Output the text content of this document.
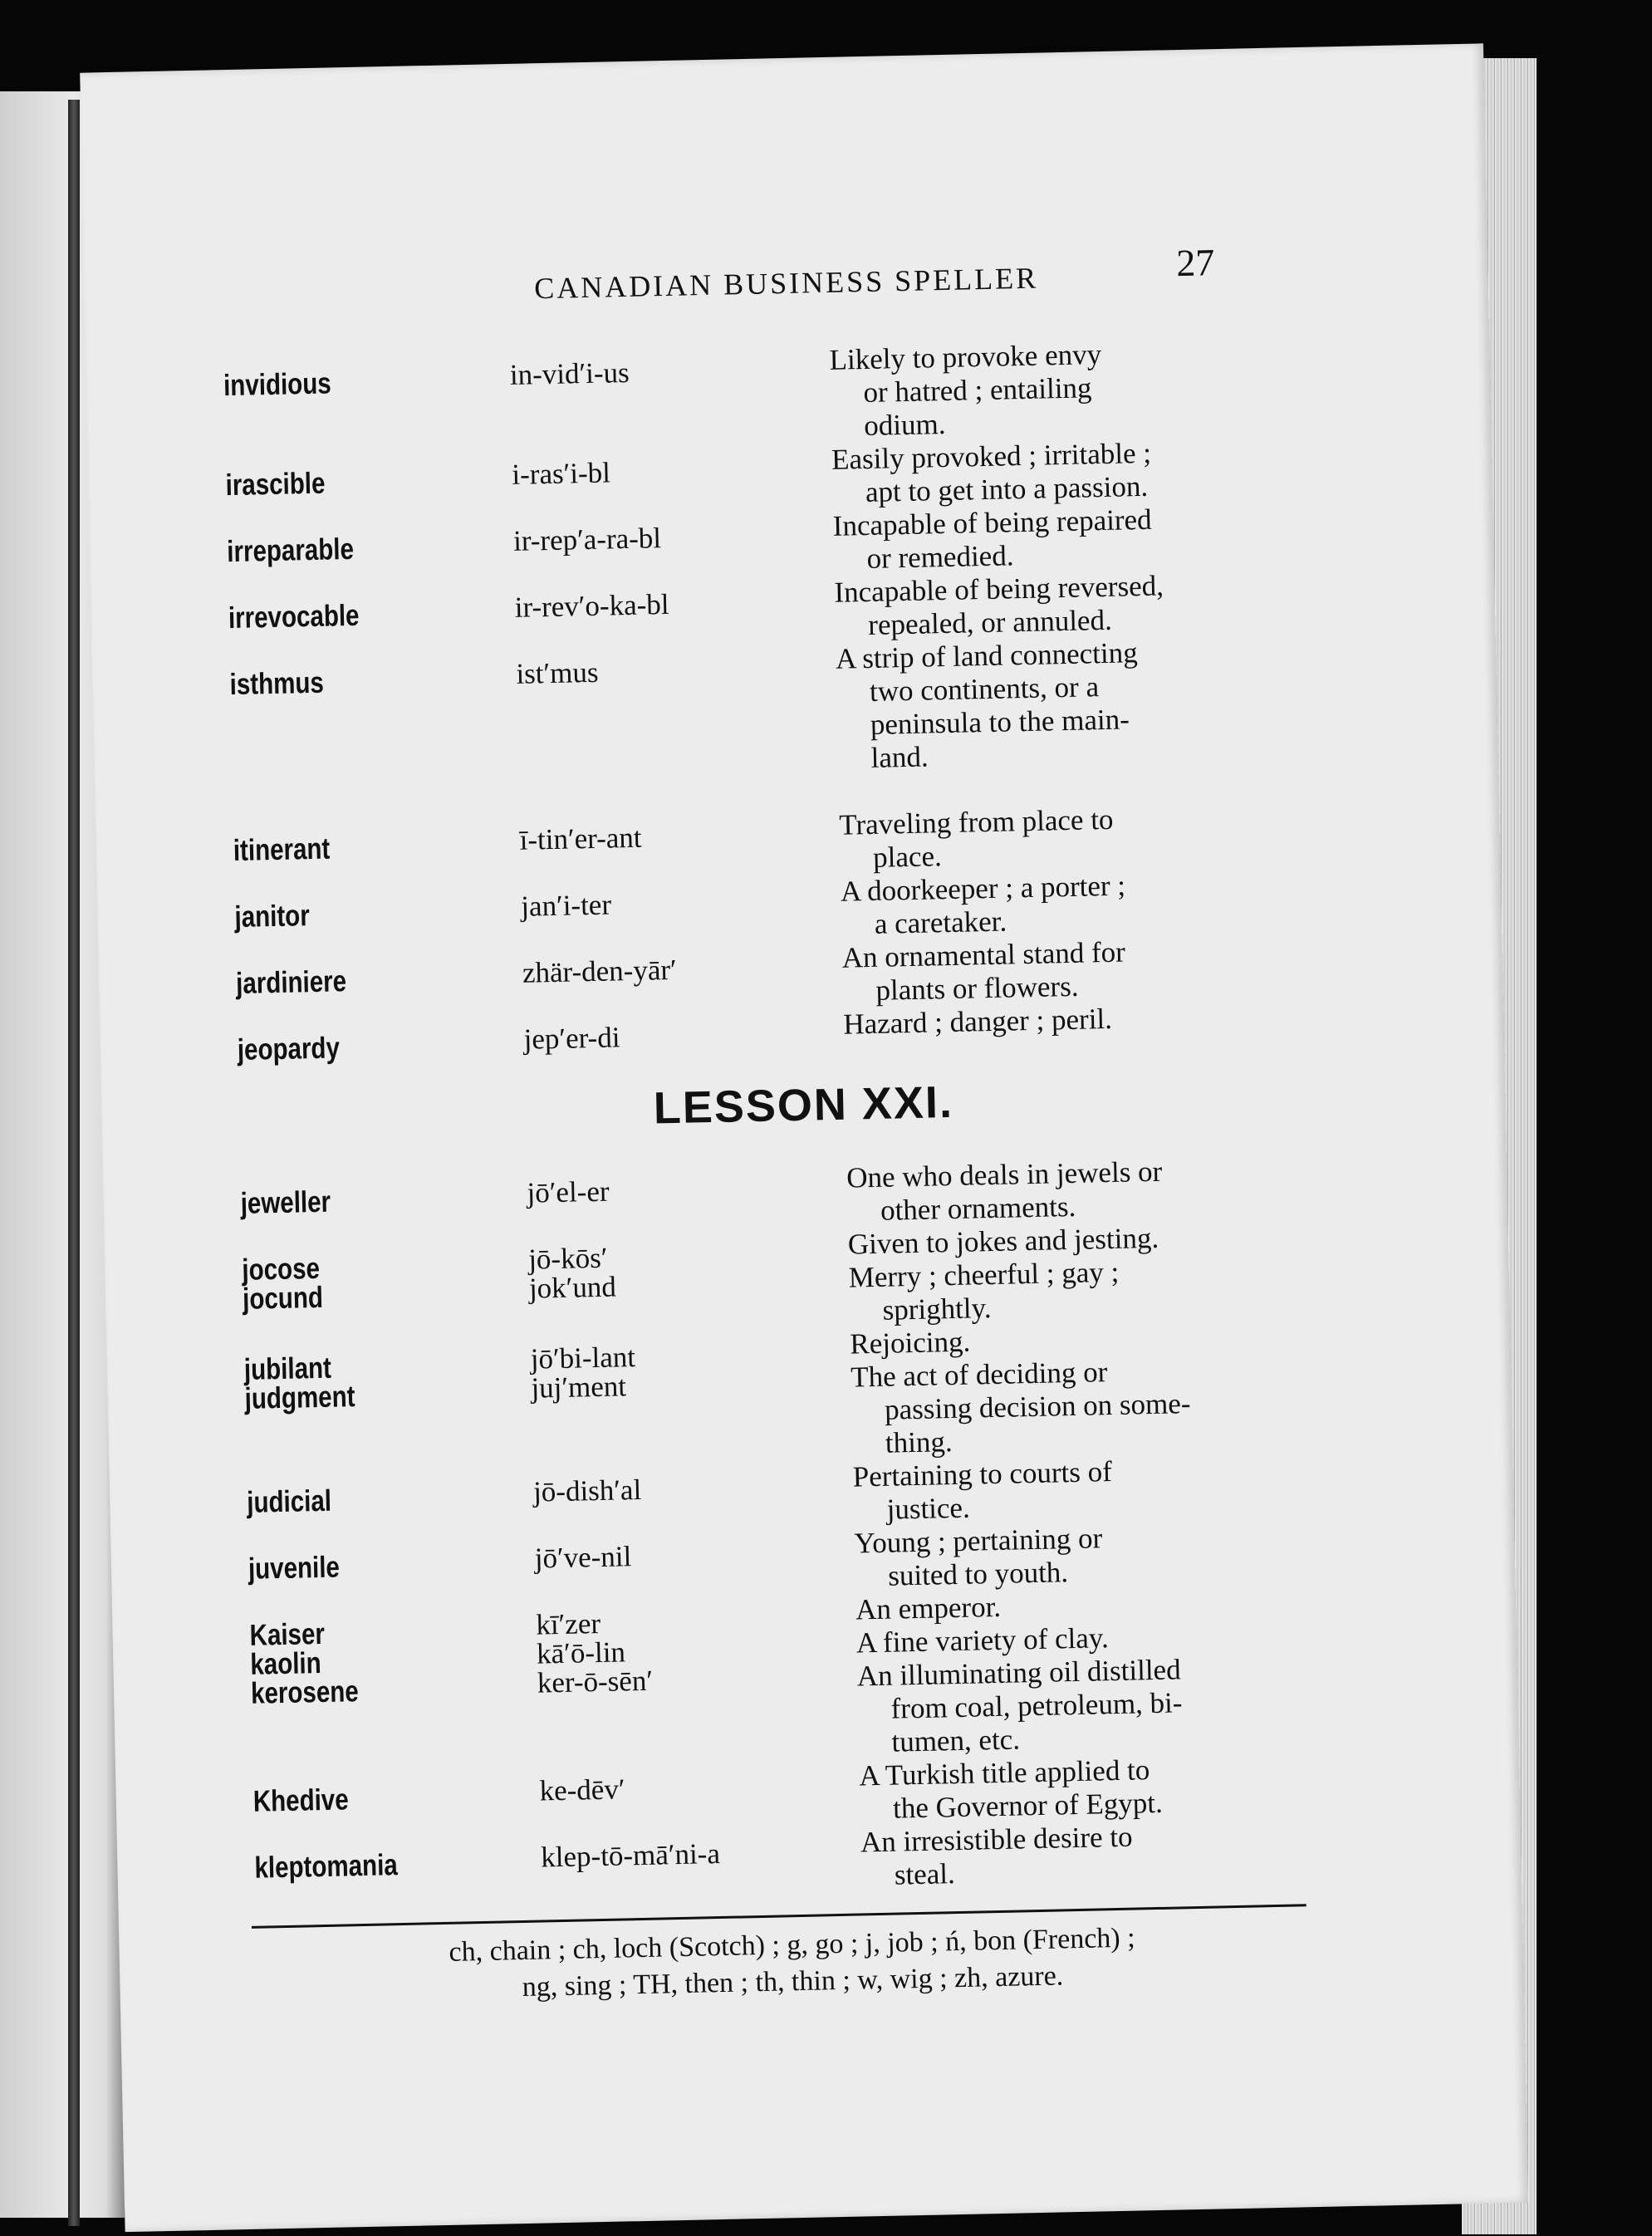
CANADIAN BUSINESS SPELLER	27
invidious	in-vid′i-us	Likely to provoke envy
or hatred ; entailing
odium.
irascible	i-ras′i-bl	Easily provoked ; irritable ;
apt to get into a passion.
irreparable	ir-rep′a-ra-bl	Incapable of being repaired
or remedied.
irrevocable	ir-rev′o-ka-bl	Incapable of being reversed,
repealed, or annuled.
isthmus	ist′mus	A strip of land connecting
two continents, or a
peninsula to the main-
land.
itinerant	ī-tin′er-ant	Traveling from place to
place.
janitor	jan′i-ter	A doorkeeper ; a porter ;
a caretaker.
jardiniere	zhär-den-yār′	An ornamental stand for
plants or flowers.
jeopardy	jep′er-di	Hazard ; danger ; peril.
LESSON XXI.
jeweller	jō′el-er	One who deals in jewels or
other ornaments.
jocose	jō-kōs′	Given to jokes and jesting.
jocund	jok′und	Merry ; cheerful ; gay ;
sprightly.
jubilant	jō′bi-lant	Rejoicing.
judgment	juj′ment	The act of deciding or
passing decision on some-
thing.
judicial	jō-dish′al	Pertaining to courts of
justice.
juvenile	jō′ve-nil	Young ; pertaining or
suited to youth.
Kaiser	kī′zer	An emperor.
kaolin	kā′ō-lin	A fine variety of clay.
kerosene	ker-ō-sēn′	An illuminating oil distilled
from coal, petroleum, bi-
tumen, etc.
Khedive	ke-dēv′	A Turkish title applied to
the Governor of Egypt.
kleptomania	klep-tō-mā′ni-a	An irresistible desire to
steal.
ch, chain ; ch, loch (Scotch) ; g, go ; j, job ; ń, bon (French) ;
ng, sing ; TH, then ; th, thin ; w, wig ; zh, azure.
